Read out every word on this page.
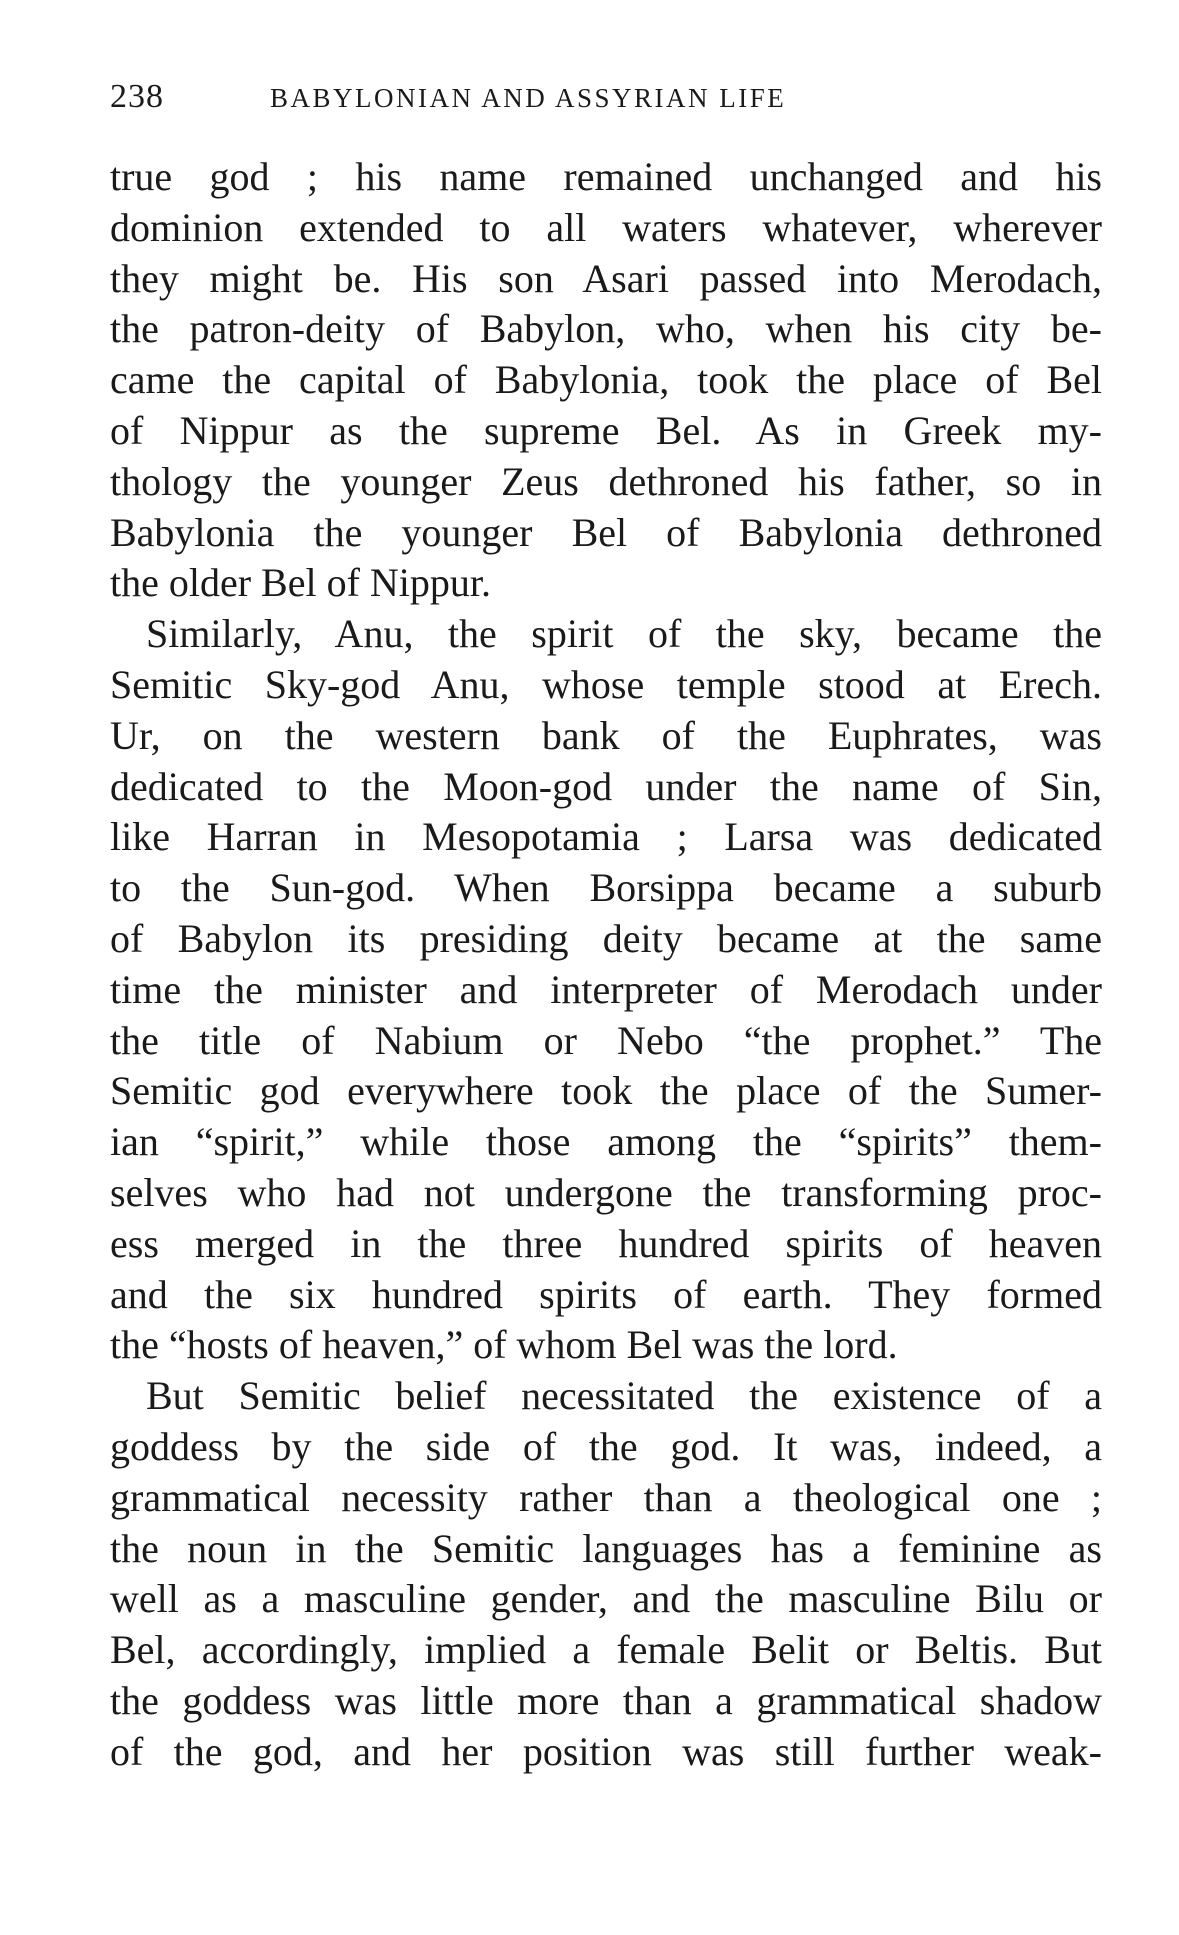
238	BABYLONIAN AND ASSYRIAN LIFE
true god ; his name remained unchanged and his
dominion extended to all waters whatever, wherever
they might be. His son Asari passed into Merodach,
the patron-deity of Babylon, who, when his city be-
came the capital of Babylonia, took the place of Bel
of Nippur as the supreme Bel. As in Greek my-
thology the younger Zeus dethroned his father, so in
Babylonia the younger Bel of Babylonia dethroned
the older Bel of Nippur.
Similarly, Anu, the spirit of the sky, became the
Semitic Sky-god Anu, whose temple stood at Erech.
Ur, on the western bank of the Euphrates, was
dedicated to the Moon-god under the name of Sin,
like Harran in Mesopotamia ; Larsa was dedicated
to the Sun-god. When Borsippa became a suburb
of Babylon its presiding deity became at the same
time the minister and interpreter of Merodach under
the title of Nabium or Nebo “the prophet.” The
Semitic god everywhere took the place of the Sumer-
ian “spirit,” while those among the “spirits” them-
selves who had not undergone the transforming proc-
ess merged in the three hundred spirits of heaven
and the six hundred spirits of earth. They formed
the “hosts of heaven,” of whom Bel was the lord.
But Semitic belief necessitated the existence of a
goddess by the side of the god. It was, indeed, a
grammatical necessity rather than a theological one ;
the noun in the Semitic languages has a feminine as
well as a masculine gender, and the masculine Bilu or
Bel, accordingly, implied a female Belit or Beltis. But
the goddess was little more than a grammatical shadow
of the god, and her position was still further weak-
